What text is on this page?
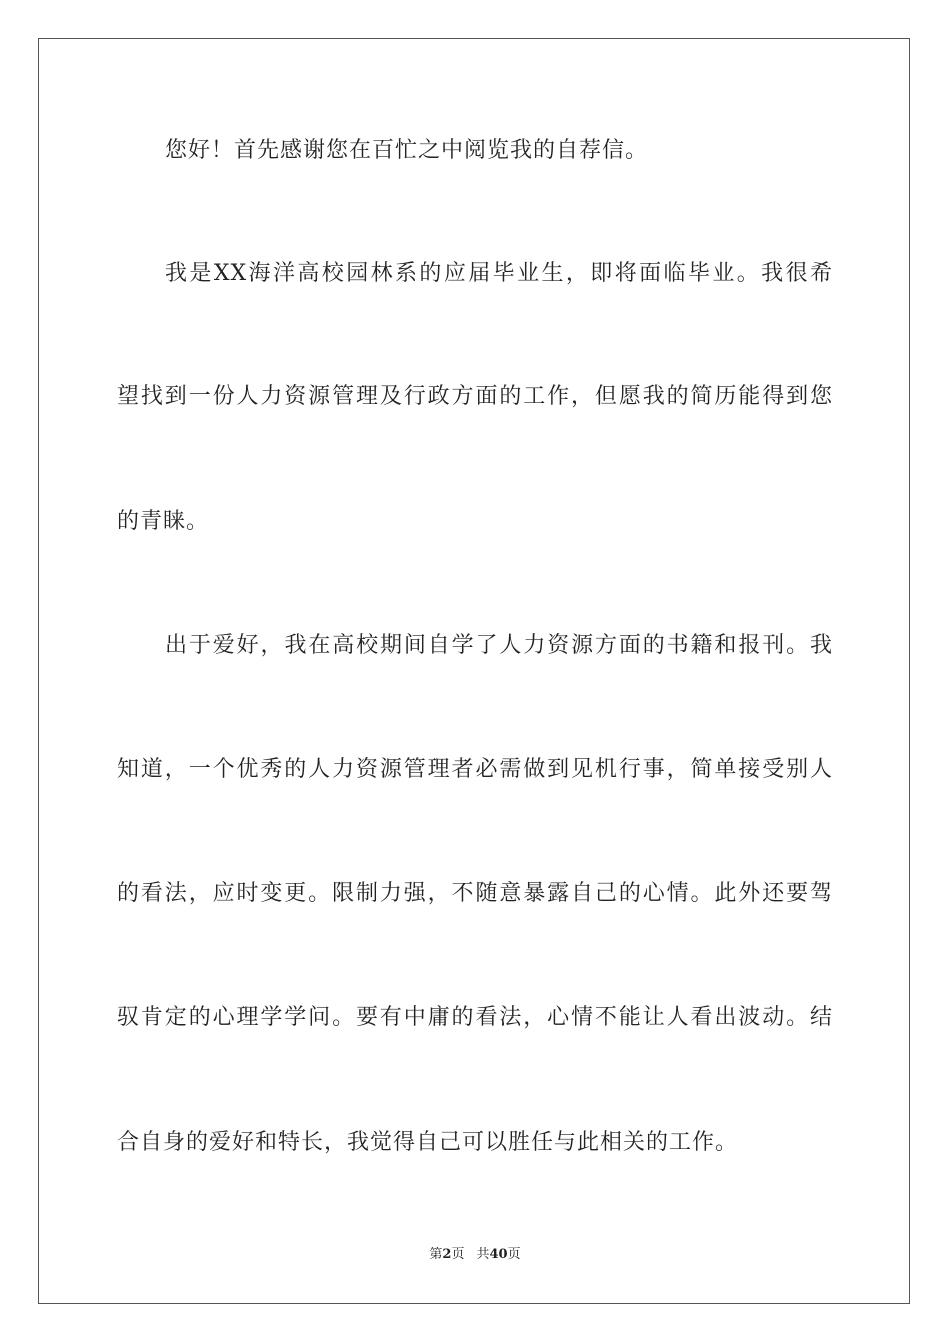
您好！首先感谢您在百忙之中阅览我的自荐信。
我是XX海洋高校园林系的应届毕业生，即将面临毕业。我很希
望找到一份人力资源管理及行政方面的工作，但愿我的简历能得到您
的青睐。
出于爱好，我在高校期间自学了人力资源方面的书籍和报刊。我
知道，一个优秀的人力资源管理者必需做到见机行事，简单接受别人
的看法，应时变更。限制力强，不随意暴露自己的心情。此外还要驾
驭肯定的心理学学问。要有中庸的看法，心情不能让人看出波动。结
合自身的爱好和特长，我觉得自己可以胜任与此相关的工作。
第2页 共40页
